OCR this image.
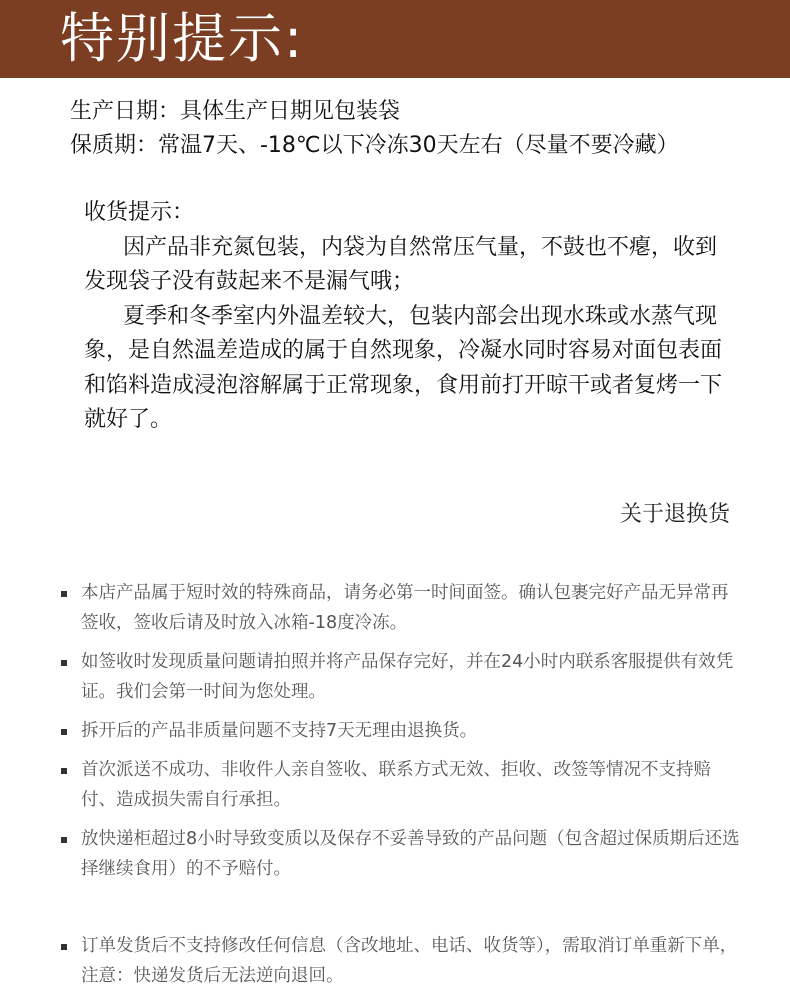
特别提示:
生产日期：具体生产日期见包装袋
保质期：常温7天、-18℃以下冷冻30天左右（尽量不要冷藏）

收货提示：

因产品非充氮包装，内袋为自然常压气量，不鼓也不瘪，收到发现袋子没有鼓起来不是漏气哦；

夏季和冬季室内外温差较大，包装内部会出现水珠或水蒸气现象，是自然温差造成的属于自然现象，冷凝水同时容易对面包表面和馅料造成浸泡溶解属于正常现象，食用前打开晾干或者复烤一下就好了。

关于退换货
本店产品属于短时效的特殊商品，请务必第一时间面签。确认包裹完好产品无异常再签收，签收后请及时放入冰箱-18度冷冻。
如签收时发现质量问题请拍照并将产品保存完好，并在24小时内联系客服提供有效凭证。我们会第一时间为您处理。
拆开后的产品非质量问题不支持7天无理由退换货。
首次派送不成功、非收件人亲自签收、联系方式无效、拒收、改签等情况不支持赔付、造成损失需自行承担。
放快递柜超过8小时导致变质以及保存不妥善导致的产品问题（包含超过保质期后还选择继续食用）的不予赔付。
订单发货后不支持修改任何信息（含改地址、电话、收货等），需取消订单重新下单，注意：快递发货后无法逆向退回。
